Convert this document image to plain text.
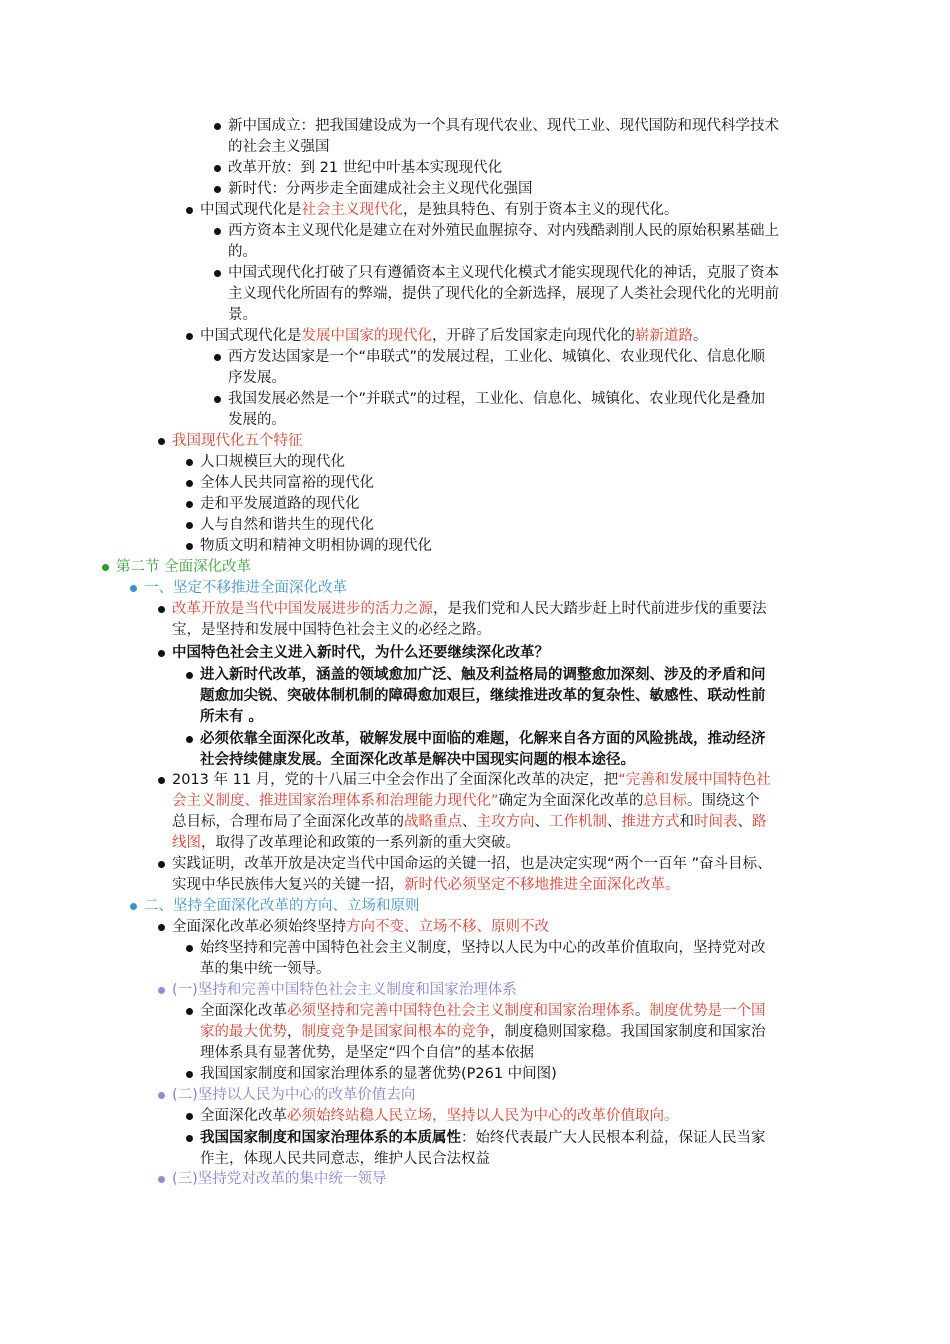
新中国成立：把我国建设成为一个具有现代农业、现代工业、现代国防和现代科学技术
的社会主义强国
改革开放：到 21 世纪中叶基本实现现代化
新时代：分两步走全面建成社会主义现代化强国
中国式现代化是社会主义现代化，是独具特色、有别于资本主义的现代化。
西方资本主义现代化是建立在对外殖民血腥掠夺、对内残酷剥削人民的原始积累基础上
的。
中国式现代化打破了只有遵循资本主义现代化模式才能实现现代化的神话，克服了资本
主义现代化所固有的弊端，提供了现代化的全新选择，展现了人类社会现代化的光明前
景。
中国式现代化是发展中国家的现代化，开辟了后发国家走向现代化的崭新道路。
西方发达国家是一个“串联式”的发展过程，工业化、城镇化、农业现代化、信息化顺
序发展。
我国发展必然是一个”并联式”的过程，工业化、信息化、城镇化、农业现代化是叠加
发展的。
我国现代化五个特征
人口规模巨大的现代化
全体人民共同富裕的现代化
走和平发展道路的现代化
人与自然和谐共生的现代化
物质文明和精神文明相协调的现代化
第二节 全面深化改革
一、坚定不移推进全面深化改革
改革开放是当代中国发展进步的活力之源，是我们党和人民大踏步赶上时代前进步伐的重要法
宝，是坚持和发展中国特色社会主义的必经之路。
中国特色社会主义进入新时代，为什么还要继续深化改革？
进入新时代改革，涵盖的领域愈加广泛、触及利益格局的调整愈加深刻、涉及的矛盾和问
题愈加尖锐、突破体制机制的障碍愈加艰巨，继续推进改革的复杂性、敏感性、联动性前
所未有 。
必须依靠全面深化改革，破解发展中面临的难题，化解来自各方面的风险挑战，推动经济
社会持续健康发展。全面深化改革是解决中国现实问题的根本途径。
2013 年 11 月，党的十八届三中全会作出了全面深化改革的决定，把“完善和发展中国特色社
会主义制度、推进国家治理体系和治理能力现代化”确定为全面深化改革的总目标。围绕这个
总目标，合理布局了全面深化改革的战略重点、主攻方向、工作机制、推进方式和时间表、路
线图，取得了改革理论和政策的一系列新的重大突破。
实践证明，改革开放是决定当代中国命运的关键一招，也是决定实现“两个一百年 ”奋斗目标、
实现中华民族伟大复兴的关键一招，新时代必须坚定不移地推进全面深化改革。
二、坚持全面深化改革的方向、立场和原则
全面深化改革必须始终坚持方向不变、立场不移、原则不改
始终坚持和完善中国特色社会主义制度，坚持以人民为中心的改革价值取向，坚持党对改
革的集中统一领导。
(一)坚持和完善中国特色社会主义制度和国家治理体系
全面深化改革必须坚持和完善中国特色社会主义制度和国家治理体系。制度优势是一个国
家的最大优势，制度竞争是国家间根本的竞争，制度稳则国家稳。我国国家制度和国家治
理体系具有显著优势，是坚定“四个自信”的基本依据
我国国家制度和国家治理体系的显著优势(P261 中间图)
(二)坚持以人民为中心的改革价值去向
全面深化改革必须始终站稳人民立场，坚持以人民为中心的改革价值取向。
我国国家制度和国家治理体系的本质属性：始终代表最广大人民根本利益，保证人民当家
作主，体现人民共同意志，维护人民合法权益
(三)坚持党对改革的集中统一领导
